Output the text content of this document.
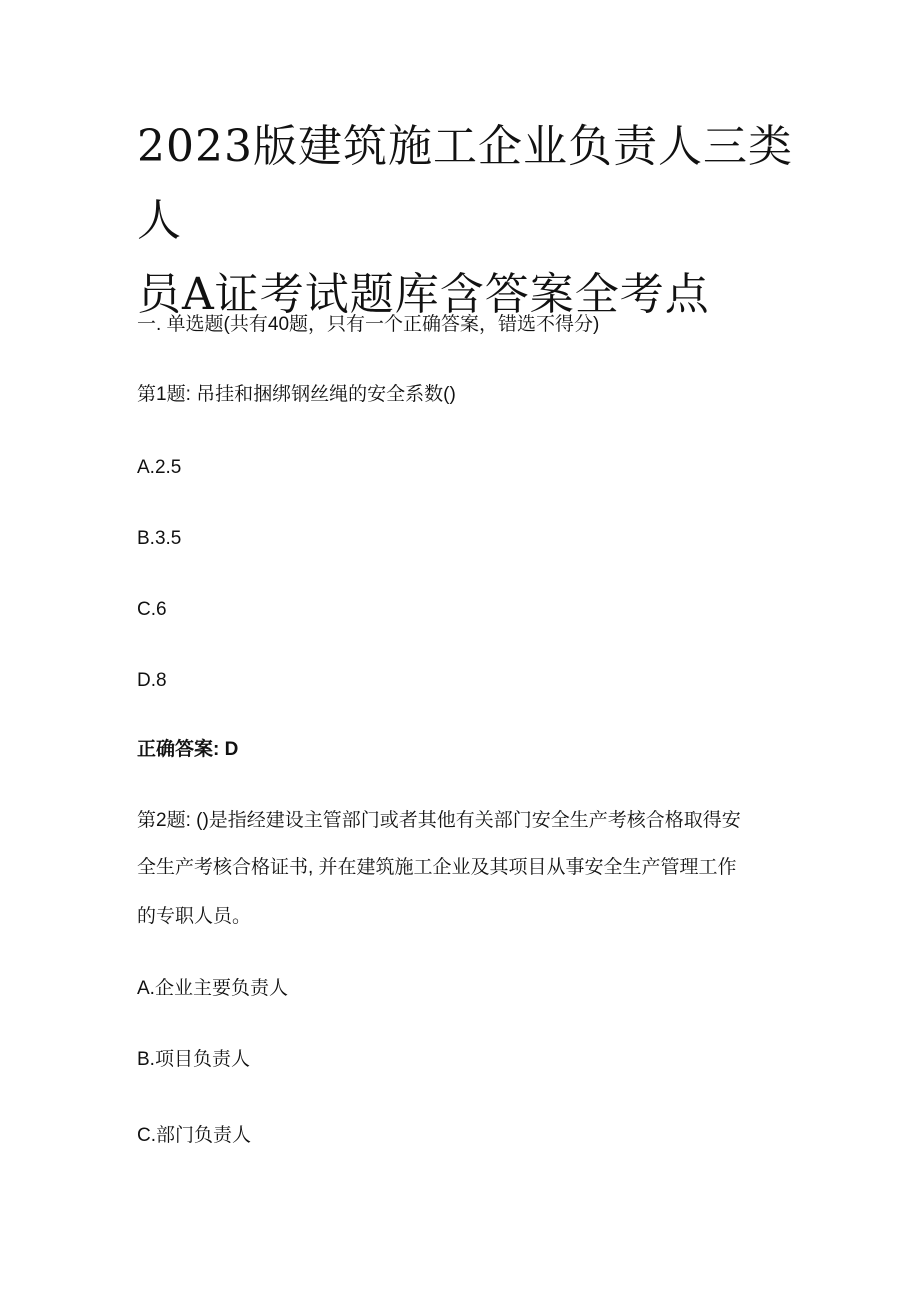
2023版建筑施工企业负责人三类人
员A证考试题库含答案全考点
一. 单选题(共有40题，只有一个正确答案，错选不得分)
第1题: 吊挂和捆绑钢丝绳的安全系数()
A.2.5
B.3.5
C.6
D.8
正确答案: D
第2题: ()是指经建设主管部门或者其他有关部门安全生产考核合格取得安
全生产考核合格证书, 并在建筑施工企业及其项目从事安全生产管理工作
的专职人员。
A.企业主要负责人
B.项目负责人
C.部门负责人
